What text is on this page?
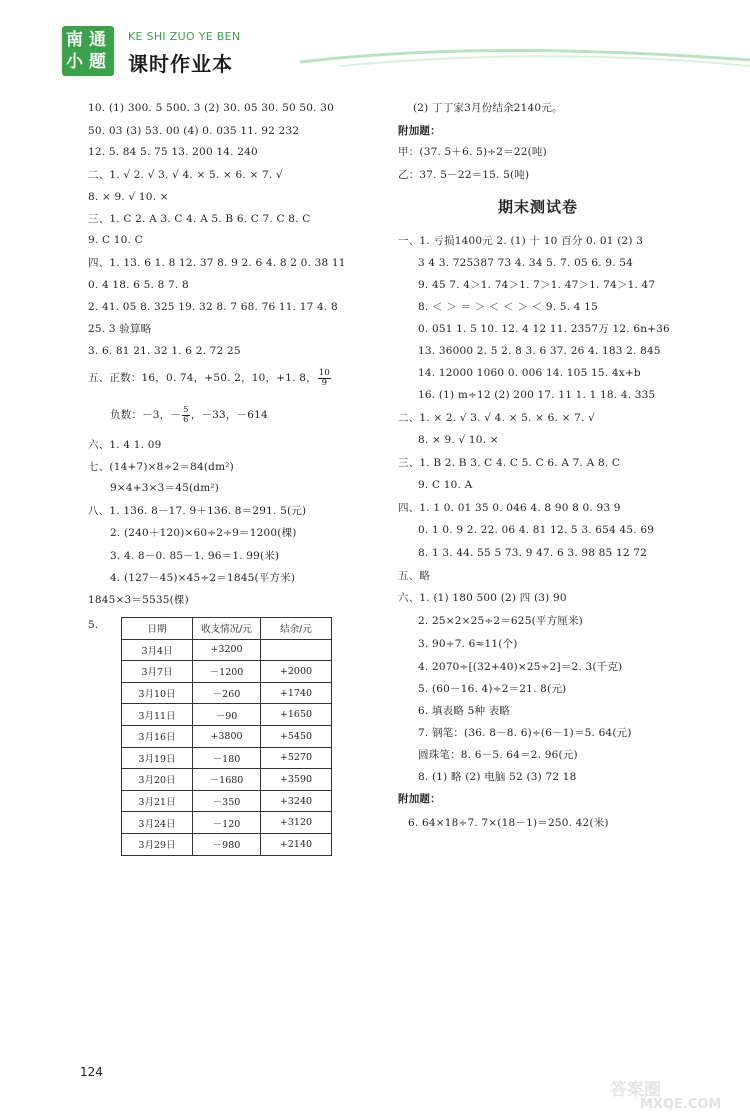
南 通
小 题
KE SHI ZUO YE BEN
课时作业本
10. (1) 300. 5 500. 3 (2) 30. 05 30. 50 50. 30
50. 03 (3) 53. 00 (4) 0. 035 11. 92 232
12. 5. 84 5. 75 13. 200 14. 240
二、1. √ 2. √ 3. √ 4. × 5. × 6. × 7. √
8. × 9. √ 10. ×
三、1. C 2. A 3. C 4. A 5. B 6. C 7. C 8. C
9. C 10. C
四、1. 13. 6 1. 8 12. 37 8. 9 2. 6 4. 8 2 0. 38 11
0. 4 18. 6 5. 8 7. 8
2. 41. 05 8. 325 19. 32 8. 7 68. 76 11. 17 4. 8
25. 3 验算略
3. 6. 81 21. 32 1. 6 2. 72 25
五、正数：16，0. 74，+50. 2，10，+1. 8， $\frac{10}{9}$
负数：－3，－ $\frac{5}{6}$ ，－33，－614
六、1. 4 1. 09
七、(14+7)×8÷2＝84(dm²)
9×4+3×3＝45(dm²)
八、1. 136. 8－17. 9＋136. 8＝291. 5(元)
2. (240＋120)×60÷2÷9＝1200(棵)
3. 4. 8－0. 85－1. 96＝1. 99(米)
4. (127－45)×45÷2＝1845(平方米)
1845×3＝5535(棵)
5.	日期	收支情况/元	结余/元
3月4日	+3200	
3月7日	－1200	+2000
3月10日	－260	+1740
3月11日	－90	+1650
3月16日	+3800	+5450
3月19日	－180	+5270
3月20日	－1680	+3590
3月21日	－350	+3240
3月24日	－120	+3120
3月29日	－980	+2140
(2) 丁丁家3月份结余2140元。
附加题：
甲：(37. 5＋6. 5)÷2＝22(吨)
乙：37. 5－22＝15. 5(吨)
期末测试卷
一、1. 亏损1400元 2. (1) 十 10 百分 0. 01 (2) 3
3 4 3. 725387 73 4. 34 5. 7. 05 6. 9. 54
9. 45 7. 4＞1. 74＞1. 7＞1. 47＞1. 74＞1. 47
8. ＜ ＞ ＝ ＞ ＜ ＜ ＞ ＜ 9. 5. 4 15
0. 051 1. 5 10. 12. 4 12 11. 2357万 12. 6n+36
13. 36000 2. 5 2. 8 3. 6 37. 26 4. 183 2. 845
14. 12000 1060 0. 006 14. 105 15. 4x+b
16. (1) m÷12 (2) 200 17. 11 1. 1 18. 4. 335
二、1. × 2. √ 3. √ 4. × 5. × 6. × 7. √
8. × 9. √ 10. ×
三、1. B 2. B 3. C 4. C 5. C 6. A 7. A 8. C
9. C 10. A
四、1. 1 0. 01 35 0. 046 4. 8 90 8 0. 93 9
0. 1 0. 9 2. 22. 06 4. 81 12. 5 3. 654 45. 69
8. 1 3. 44. 55 5 73. 9 47. 6 3. 98 85 12 72
五、略
六、1. (1) 180 500 (2) 四 (3) 90
2. 25×2×25÷2＝625(平方厘米)
3. 90÷7. 6≈11(个)
4. 2070÷[(32+40)×25÷2]＝2. 3(千克)
5. (60－16. 4)÷2＝21. 8(元)
6. 填表略 5种 表略
7. 钢笔：(36. 8－8. 6)÷(6－1)＝5. 64(元)
圆珠笔：8. 6－5. 64＝2. 96(元)
8. (1) 略 (2) 电脑 52 (3) 72 18
附加题：
6. 64×18÷7. 7×(18－1)＝250. 42(米)
124
答案圈
MXQE.COM
